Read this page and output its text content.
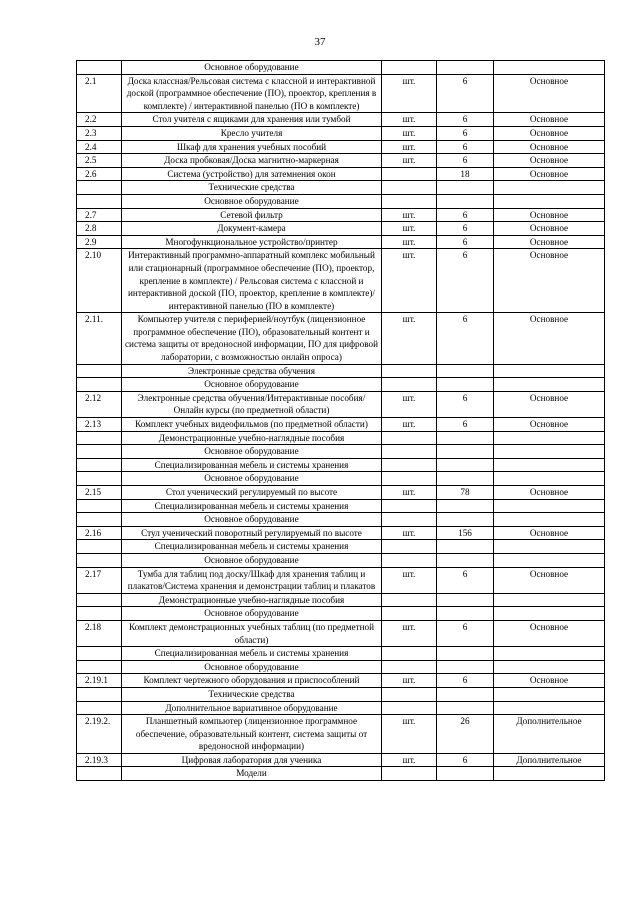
37
	Основное оборудование			
2.1	Доска классная/Рельсовая система с классной и интерактивной доской (программное обеспечение (ПО), проектор, крепления в комплекте) / интерактивной панелью (ПО в комплекте)	шт.	6	Основное
2.2	Стол учителя с ящиками для хранения или тумбой	шт.	6	Основное
2.3	Кресло учителя	шт.	6	Основное
2.4	Шкаф для хранения учебных пособий	шт.	6	Основное
2.5	Доска пробковая/Доска магнитно-маркерная	шт.	6	Основное
2.6	Система (устройство) для затемнения окон		18	Основное
	Технические средства			
	Основное оборудование			
2.7	Сетевой фильтр	шт.	6	Основное
2.8	Документ-камера	шт.	6	Основное
2.9	Многофункциональное устройство/принтер	шт.	6	Основное
2.10	Интерактивный программно-аппаратный комплекс мобильный или стационарный (программное обеспечение (ПО), проектор, крепление в комплекте) / Рельсовая система с классной и интерактивной доской (ПО, проектор, крепление в комплекте)/ интерактивной панелью (ПО в комплекте)	шт.	6	Основное
2.11.	Компьютер учителя с периферией/ноутбук (лицензионное программное обеспечение (ПО), образовательный контент и система защиты от вредоносной информации, ПО для цифровой лаборатории, с возможностью онлайн опроса)	шт.	6	Основное
	Электронные средства обучения			
	Основное оборудование			
2.12	Электронные средства обучения/Интерактивные пособия/Онлайн курсы (по предметной области)	шт.	6	Основное
2.13	Комплект учебных видеофильмов (по предметной области)	шт.	6	Основное
	Демонстрационные учебно-наглядные пособия			
	Основное оборудование			
	Специализированная мебель и системы хранения			
	Основное оборудование			
2.15	Стол ученический регулируемый по высоте	шт.	78	Основное
	Специализированная мебель и системы хранения			
	Основное оборудование			
2.16	Стул ученический поворотный регулируемый по высоте	шт.	156	Основное
	Специализированная мебель и системы хранения			
	Основное оборудование			
2.17	Тумба для таблиц под доску/Шкаф для хранения таблиц и плакатов/Система хранения и демонстрации таблиц и плакатов	шт.	6	Основное
	Демонстрационные учебно-наглядные пособия			
	Основное оборудование			
2.18	Комплект демонстрационных учебных таблиц (по предметной области)	шт.	6	Основное
	Специализированная мебель и системы хранения			
	Основное оборудование			
2.19.1	Комплект чертежного оборудования и приспособлений	шт.	6	Основное
	Технические средства			
	Дополнительное вариативное оборудование			
2.19.2.	Планшетный компьютер (лицензионное программное обеспечение, образовательный контент, система защиты от вредоносной информации)	шт.	26	Дополнительное
2.19.3	Цифровая лаборатория для ученика	шт.	6	Дополнительное
	Модели			
